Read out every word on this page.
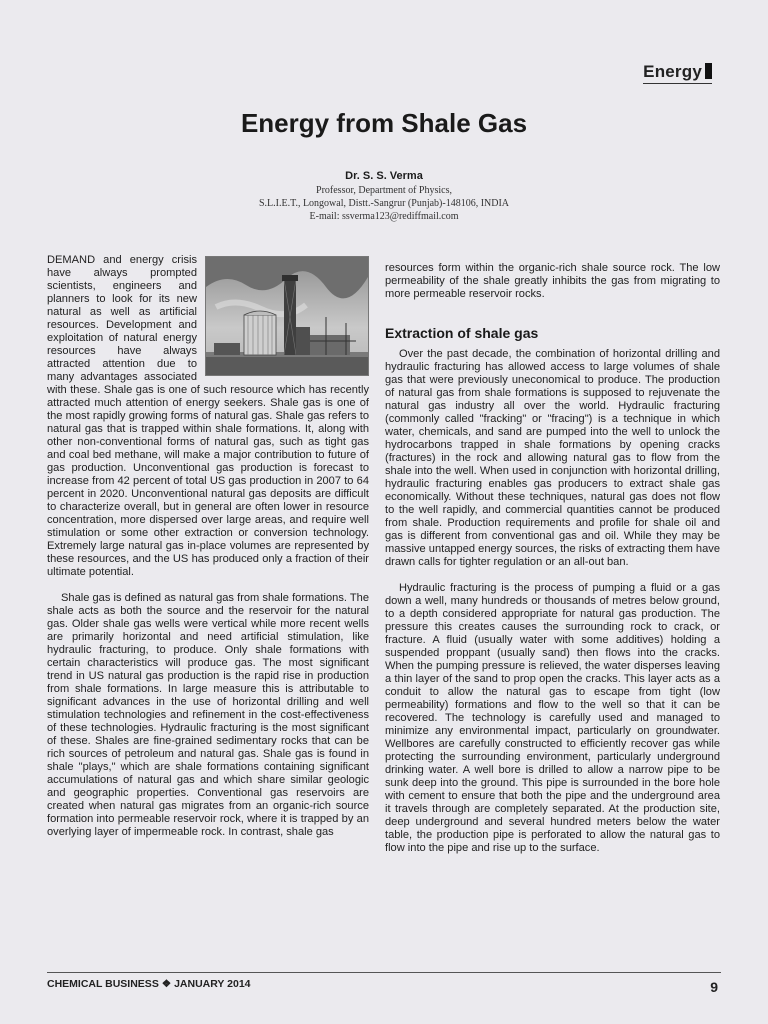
Energy
Energy from Shale Gas
Dr. S. S. Verma
Professor, Department of Physics,
S.L.I.E.T., Longowal, Distt.-Sangrur (Punjab)-148106, INDIA
E-mail: ssverma123@rediffmail.com

DEMAND and energy crisis have always prompted scientists, engineers and planners to look for its new natural as well as artificial resources. Development and exploitation of natural energy resources have always attracted attention due to many advantages associated with these. Shale gas is one of such resource which has recently attracted much attention of energy seekers. Shale gas is one of the most rapidly growing forms of natural gas. Shale gas refers to natural gas that is trapped within shale formations. It, along with other non-conventional forms of natural gas, such as tight gas and coal bed methane, will make a major contribution to future of gas production. Unconventional gas production is forecast to increase from 42 percent of total US gas production in 2007 to 64 percent in 2020. Unconventional natural gas deposits are difficult to characterize overall, but in general are often lower in resource concentration, more dispersed over large areas, and require well stimulation or some other extraction or conversion technology. Extremely large natural gas in-place volumes are represented by these resources, and the US has produced only a fraction of their ultimate potential.

Shale gas is defined as natural gas from shale formations. The shale acts as both the source and the reservoir for the natural gas. Older shale gas wells were vertical while more recent wells are primarily horizontal and need artificial stimulation, like hydraulic fracturing, to produce. Only shale formations with certain characteristics will produce gas. The most significant trend in US natural gas production is the rapid rise in production from shale formations. In large measure this is attributable to significant advances in the use of horizontal drilling and well stimulation technologies and refinement in the cost-effectiveness of these technologies. Hydraulic fracturing is the most significant of these. Shales are fine-grained sedimentary rocks that can be rich sources of petroleum and natural gas. Shale gas is found in shale "plays," which are shale formations containing significant accumulations of natural gas and which share similar geologic and geographic properties. Conventional gas reservoirs are created when natural gas migrates from an organic-rich source formation into permeable reservoir rock, where it is trapped by an overlying layer of impermeable rock. In contrast, shale gas

resources form within the organic-rich shale source rock. The low permeability of the shale greatly inhibits the gas from migrating to more permeable reservoir rocks.

Extraction of shale gas

Over the past decade, the combination of horizontal drilling and hydraulic fracturing has allowed access to large volumes of shale gas that were previously uneconomical to produce. The production of natural gas from shale formations is supposed to rejuvenate the natural gas industry all over the world. Hydraulic fracturing (commonly called "fracking" or "fracing") is a technique in which water, chemicals, and sand are pumped into the well to unlock the hydrocarbons trapped in shale formations by opening cracks (fractures) in the rock and allowing natural gas to flow from the shale into the well. When used in conjunction with horizontal drilling, hydraulic fracturing enables gas producers to extract shale gas economically. Without these techniques, natural gas does not flow to the well rapidly, and commercial quantities cannot be produced from shale. Production requirements and profile for shale oil and gas is different from conventional gas and oil. While they may be massive untapped energy sources, the risks of extracting them have drawn calls for tighter regulation or an all-out ban.

Hydraulic fracturing is the process of pumping a fluid or a gas down a well, many hundreds or thousands of metres below ground, to a depth considered appropriate for natural gas production. The pressure this creates causes the surrounding rock to crack, or fracture. A fluid (usually water with some additives) holding a suspended proppant (usually sand) then flows into the cracks. When the pumping pressure is relieved, the water disperses leaving a thin layer of the sand to prop open the cracks. This layer acts as a conduit to allow the natural gas to escape from tight (low permeability) formations and flow to the well so that it can be recovered. The technology is carefully used and managed to minimize any environmental impact, particularly on groundwater. Wellbores are carefully constructed to efficiently recover gas while protecting the surrounding environment, particularly underground drinking water. A well bore is drilled to allow a narrow pipe to be sunk deep into the ground. This pipe is surrounded in the bore hole with cement to ensure that both the pipe and the underground area it travels through are completely separated. At the production site, deep underground and several hundred meters below the water table, the production pipe is perforated to allow the natural gas to flow into the pipe and rise up to the surface.

CHEMICAL BUSINESS ❖ JANUARY 2014	9
